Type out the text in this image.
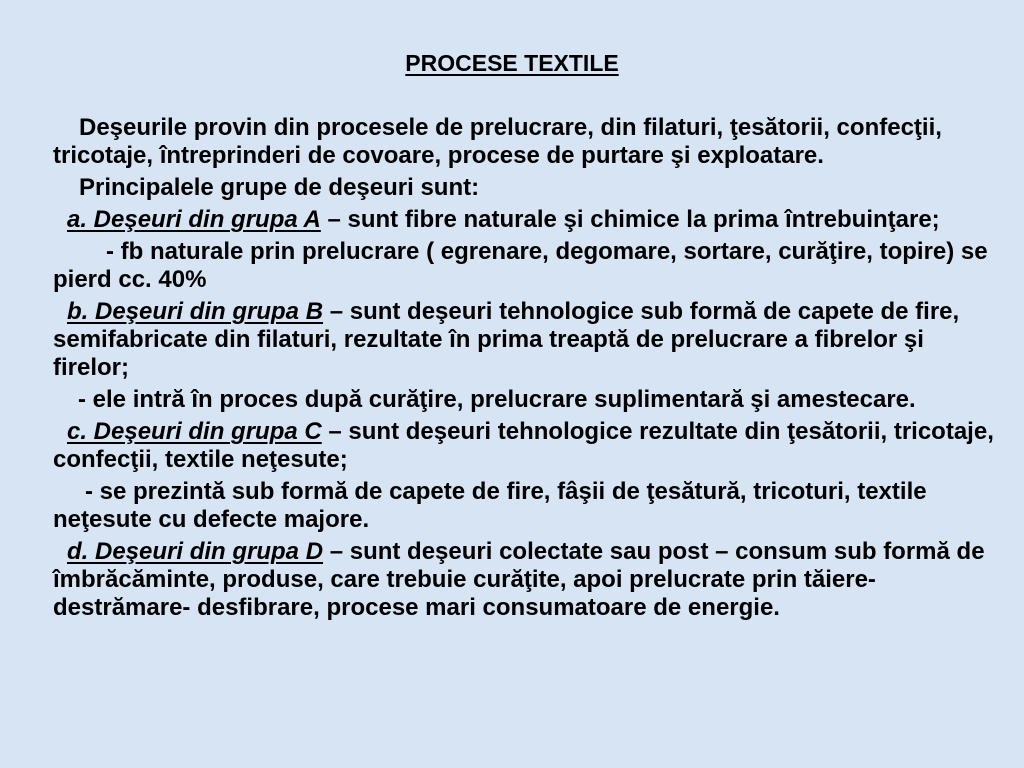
PROCESE TEXTILE

Deşeurile provin din procesele de prelucrare, din filaturi, ţesătorii, confecţii, tricotaje, întreprinderi de covoare, procese de purtare şi exploatare.

Principalele grupe de deşeuri sunt:

a. Deşeuri din grupa A – sunt fibre naturale şi chimice la prima întrebuinţare;

- fb naturale prin prelucrare ( egrenare, degomare, sortare, curăţire, topire) se pierd cc. 40%

b. Deşeuri din grupa B – sunt deşeuri tehnologice sub formă de capete de fire, semifabricate din filaturi, rezultate în prima treaptă de prelucrare a fibrelor şi firelor;

- ele intră în proces după curăţire, prelucrare suplimentară şi amestecare.

c. Deşeuri din grupa C – sunt deşeuri tehnologice rezultate din ţesătorii, tricotaje, confecţii, textile neţesute;

- se prezintă sub formă de capete de fire, fâşii de ţesătură, tricoturi, textile neţesute cu defecte majore.

d. Deşeuri din grupa D – sunt deşeuri colectate sau post – consum sub formă de îmbrăcăminte, produse, care trebuie curăţite, apoi prelucrate prin tăiere-destrămare- desfibrare, procese mari consumatoare de energie.
